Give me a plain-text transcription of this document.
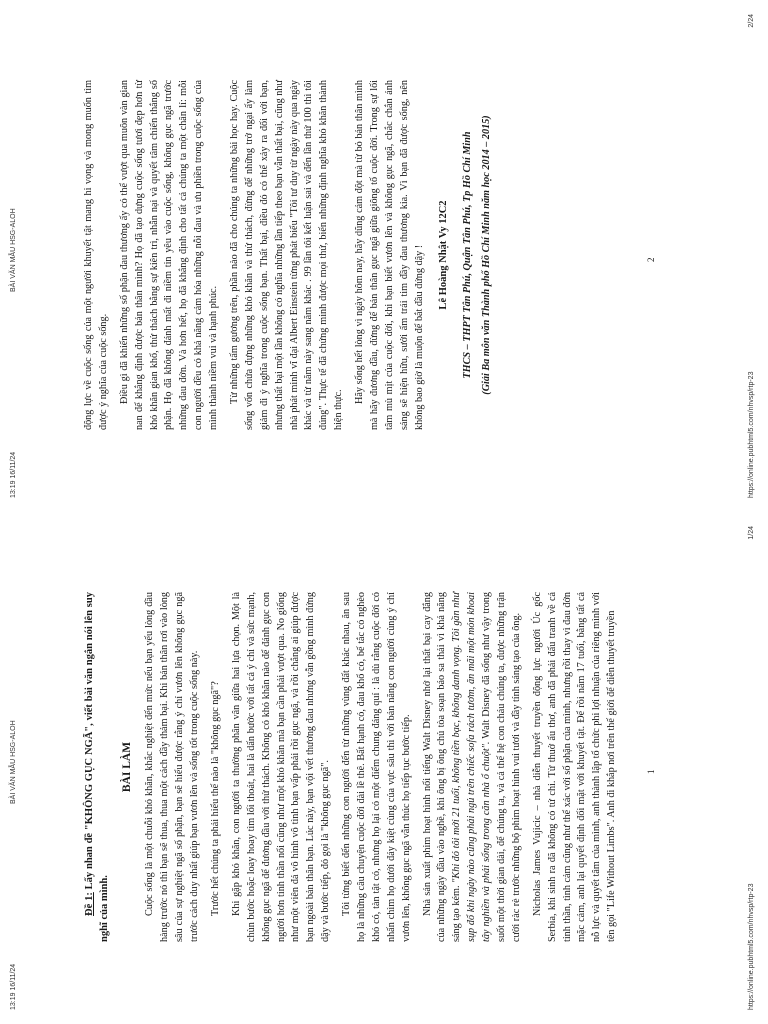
13:19 16/11/24
BÀI VĂN MẪU HSG-ALOH

Đề 1: Lấy nhan đề "KHÔNG GỤC NGÃ", viết bài văn ngắn nói lên suy nghĩ của mình.

BÀI LÀM Cuộc sống là một chuỗi khó khăn, khắc nghiệt đến mức nếu bạn yếu lòng đầu hàng trước nó thì bạn sẽ thua, thua một cách đầy thảm bại. Khi bản thân rơi vào lòng sâu của sự nghiệt ngã số phận, bạn sẽ hiểu được rằng ý chí vươn lên không gục ngã trước cách duy nhất giúp bạn vươn lên và sống tốt trong cuộc sống này. Trước hết chúng ta phải hiểu thế nào là "không gục ngã"? Khi gặp khó khăn, con người ta thường phân vân giữa hai lựa chọn. Một là chùn bước hoặc loay hoay tìm lối thoát, hai là dấn bước với tất cả ý chí và sức mạnh, không gục ngã để đương đầu với thử thách. Không có khó khăn nào để đánh gục con người hơn tinh thần nổi cũng như một khó khăn mà bạn cần phải vượt qua. No giống như một viên đá vô hình vô tình bạn vấp phải rồi gục ngã, và rồi chẳng ai giúp được bạn ngoài bản thân bạn. Lúc này, bạn vội vết thương đau nhưng vẫn gồng mình đứng dậy và bước tiếp, đó gọi là "không gục ngã". Tôi từng biết đến những con người đến từ những vùng đất khác nhau, ăn sau họ là những câu chuyện cuộc đời đài lề thê. Bất hạnh có, đau khổ có, bế tắc có nghèo khó có, tàn tật có, nhưng họ lại có một điểm chung đáng quí : là dù rằng cuộc đời có nhấn chìm họ dưới đáy kiệt cùng của vực sâu thì với bản năng con người cùng ý chí vươn lên, không gục ngã vẫn thúc họ tiếp tục bước tiếp. Nhà sản xuất phim hoạt hình nổi tiếng Walt Disney nhớ lại thất bại cay đắng của những ngày đầu vào nghề, khi ông bị ông chủ tòa soạn báo sa thải vì khả năng sáng tạo kém. "Khi đó tôi mới 21 tuổi, không tiền bạc, không danh vọng. Tôi gần như sụp đổ khi ngày nào cũng phải ngủ trên chiếc sofa rách tươm, ăn mãi một món khoai tây nghiền và phải sống trong căn nhà ổ chuột". Walt Disney đã sống như vậy trong suốt một thời gian dài, để chúng ta, và cả thế hệ con cháu chúng ta, được những trận cười ràc rè trước những bộ phim hoạt hình vui tươi và đầy tính sáng tạo của ông. Nicholas James Vujicic – nhà diễn thuyết truyền động lực người Úc gốc Serbia, khi sinh ra đã không có tứ chi. Từ thuở ấu thơ, anh đã phải đấu tranh về cả tinh thần, tình cảm cũng như thể xác với số phận của mình, nhưng rồi thay vì đau đớn mặc cảm, anh lại quyết định đối mặt với khuyết tật. Để rồi năm 17 tuổi, bằng tất cả nỗ lực và quyết tâm của mình, anh thành lập tổ chức phi lợi nhuận của riêng mình với tên gọi "Life Without Limbs". Anh đi khắp nơi trên thế giới để diễn thuyết truyền	1
https://online.pubhtml5.com/nhvsp/rtp-23
1/24
13:19 16/11/24
BÀI VĂN MẪU HSG-ALOH	động lực về cuộc sống của một người khuyết tật mang hi vọng và mong muốn tìm được ý nghĩa của cuộc sống. Điều gì đã khiến những số phận đau thương ấy có thể vượt qua muôn vàn gian nan để khẳng định được bản thân mình? Họ đã tạo dựng cuộc sống tươi đẹp hơn từ khó khăn gian khổ, thử thách bằng sự kiên trì, nhẫn nại và quyết tâm chiến thắng số phận. Họ đã không đánh mất đi niềm tin yêu vào cuộc sống, không gục ngã trước những đau đớn. Và hơn hết, họ đã khẳng định cho tất cả chúng ta một chân lí: mỗi con người đều có khả năng cảm hóa những nỗi đau và ưu phiền trong cuộc sống của mình thành niềm vui và hạnh phúc. Từ những tấm gương trên, phần nào đã cho chúng ta những bài học hay. Cuộc sống vốn chứa đựng những khó khăn và thử thách, đừng để những trở ngại ấy làm giảm đi ý nghĩa trong cuộc sống bạn. Thất bại, điều đó có thể xảy ra đối với bạn, nhưng thất bại một lần không có nghĩa những lần tiếp theo bạn vẫn thất bại, cũng như nhà phát minh vĩ đại Albert Einstein từng phát biểu "Tôi tư duy từ ngày này qua ngày khác và từ năm này sang năm khác . 99 lần tôi kết luận sai và đến lần thứ 100 thì tôi đúng". Thực tế đã chứng minh được mọi thứ, biến những định nghĩa khó khăn thành hiện thực.

Hãy sống hết lòng vì ngày hôm nay, hãy dũng cảm đột mà từ bỏ bản thân mình mà hãy đương đầu, đừng để bản thân gục ngã giữa giông tố cuộc đời. Trong sự lối tâm mù mịt của cuộc đời, khi bạn biết vươn lên và không gục ngã, chắc chắn ánh sáng sẽ hiện hữu, sưởi ấm trái tim đầy đau thương kia. Vì bạn đã được sống, nên không bao giờ là muộn để bắt đầu đứng dậy ! Lê Hoàng Nhật Vy 12C2 THCS – THPT Tân Phú, Quận Tân Phú, Tp Hồ Chí Minh (Giải Ba môn văn Thành phố Hồ Chí Minh năm học 2014 – 2015)	2
https://online.pubhtml5.com/nhvsp/rtp-23
2/24
